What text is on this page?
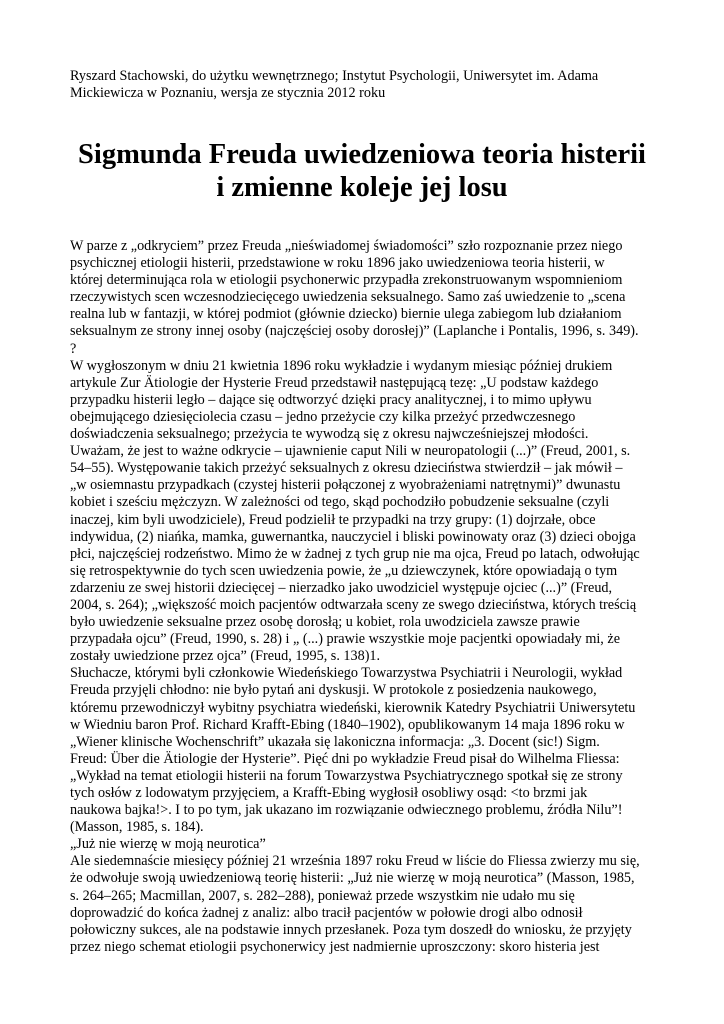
Ryszard Stachowski, do użytku wewnętrznego; Instytut Psychologii, Uniwersytet im. Adama
Mickiewicza w Poznaniu, wersja ze stycznia 2012 roku
Sigmunda Freuda uwiedzeniowa teoria histerii
i zmienne koleje jej losu
W parze z „odkryciem” przez Freuda „nieświadomej świadomości” szło rozpoznanie przez niego
psychicznej etiologii histerii, przedstawione w roku 1896 jako uwiedzeniowa teoria histerii, w
której determinująca rola w etiologii psychonerwic przypadła zrekonstruowanym wspomnieniom
rzeczywistych scen wczesnodziecięcego uwiedzenia seksualnego. Samo zaś uwiedzenie to „scena
realna lub w fantazji, w której podmiot (głównie dziecko) biernie ulega zabiegom lub działaniom
seksualnym ze strony innej osoby (najczęściej osoby dorosłej)” (Laplanche i Pontalis, 1996, s. 349).
?
W wygłoszonym w dniu 21 kwietnia 1896 roku wykładzie i wydanym miesiąc później drukiem
artykule Zur Ätiologie der Hysterie Freud przedstawił następującą tezę: „U podstaw każdego
przypadku histerii legło – dające się odtworzyć dzięki pracy analitycznej, i to mimo upływu
obejmującego dziesięciolecia czasu – jedno przeżycie czy kilka przeżyć przedwczesnego
doświadczenia seksualnego; przeżycia te wywodzą się z okresu najwcześniejszej młodości.
Uważam, że jest to ważne odkrycie – ujawnienie caput Nili w neuropatologii (...)” (Freud, 2001, s.
54–55). Występowanie takich przeżyć seksualnych z okresu dzieciństwa stwierdził – jak mówił –
„w osiemnastu przypadkach (czystej histerii połączonej z wyobrażeniami natrętnymi)” dwunastu
kobiet i sześciu mężczyzn. W zależności od tego, skąd pochodziło pobudzenie seksualne (czyli
inaczej, kim byli uwodziciele), Freud podzielił te przypadki na trzy grupy: (1) dojrzałe, obce
indywidua, (2) niańka, mamka, guwernantka, nauczyciel i bliski powinowaty oraz (3) dzieci obojga
płci, najczęściej rodzeństwo. Mimo że w żadnej z tych grup nie ma ojca, Freud po latach, odwołując
się retrospektywnie do tych scen uwiedzenia powie, że „u dziewczynek, które opowiadają o tym
zdarzeniu ze swej historii dziecięcej – nierzadko jako uwodziciel występuje ojciec (...)” (Freud,
2004, s. 264); „większość moich pacjentów odtwarzała sceny ze swego dzieciństwa, których treścią
było uwiedzenie seksualne przez osobę dorosłą; u kobiet, rola uwodziciela zawsze prawie
przypadała ojcu” (Freud, 1990, s. 28) i „ (...) prawie wszystkie moje pacjentki opowiadały mi, że
zostały uwiedzione przez ojca” (Freud, 1995, s. 138)1.
Słuchacze, którymi byli członkowie Wiedeńskiego Towarzystwa Psychiatrii i Neurologii, wykład
Freuda przyjęli chłodno: nie było pytań ani dyskusji. W protokole z posiedzenia naukowego,
któremu przewodniczył wybitny psychiatra wiedeński, kierownik Katedry Psychiatrii Uniwersytetu
w Wiedniu baron Prof. Richard Krafft-Ebing (1840–1902), opublikowanym 14 maja 1896 roku w
„Wiener klinische Wochenschrift” ukazała się lakoniczna informacja: „3. Docent (sic!) Sigm.
Freud: Über die Ätiologie der Hysterie”. Pięć dni po wykładzie Freud pisał do Wilhelma Fliessa:
„Wykład na temat etiologii histerii na forum Towarzystwa Psychiatrycznego spotkał się ze strony
tych osłów z lodowatym przyjęciem, a Krafft-Ebing wygłosił osobliwy osąd: <to brzmi jak
naukowa bajka!>. I to po tym, jak ukazano im rozwiązanie odwiecznego problemu, źródła Nilu”!
(Masson, 1985, s. 184).
„Już nie wierzę w moją neurotica”
Ale siedemnaście miesięcy później 21 września 1897 roku Freud w liście do Fliessa zwierzy mu się,
że odwołuje swoją uwiedzeniową teorię histerii: „Już nie wierzę w moją neurotica” (Masson, 1985,
s. 264–265; Macmillan, 2007, s. 282–288), ponieważ przede wszystkim nie udało mu się
doprowadzić do końca żadnej z analiz: albo tracił pacjentów w połowie drogi albo odnosił
połowiczny sukces, ale na podstawie innych przesłanek. Poza tym doszedł do wniosku, że przyjęty
przez niego schemat etiologii psychonerwicy jest nadmiernie uproszczony: skoro histeria jest
